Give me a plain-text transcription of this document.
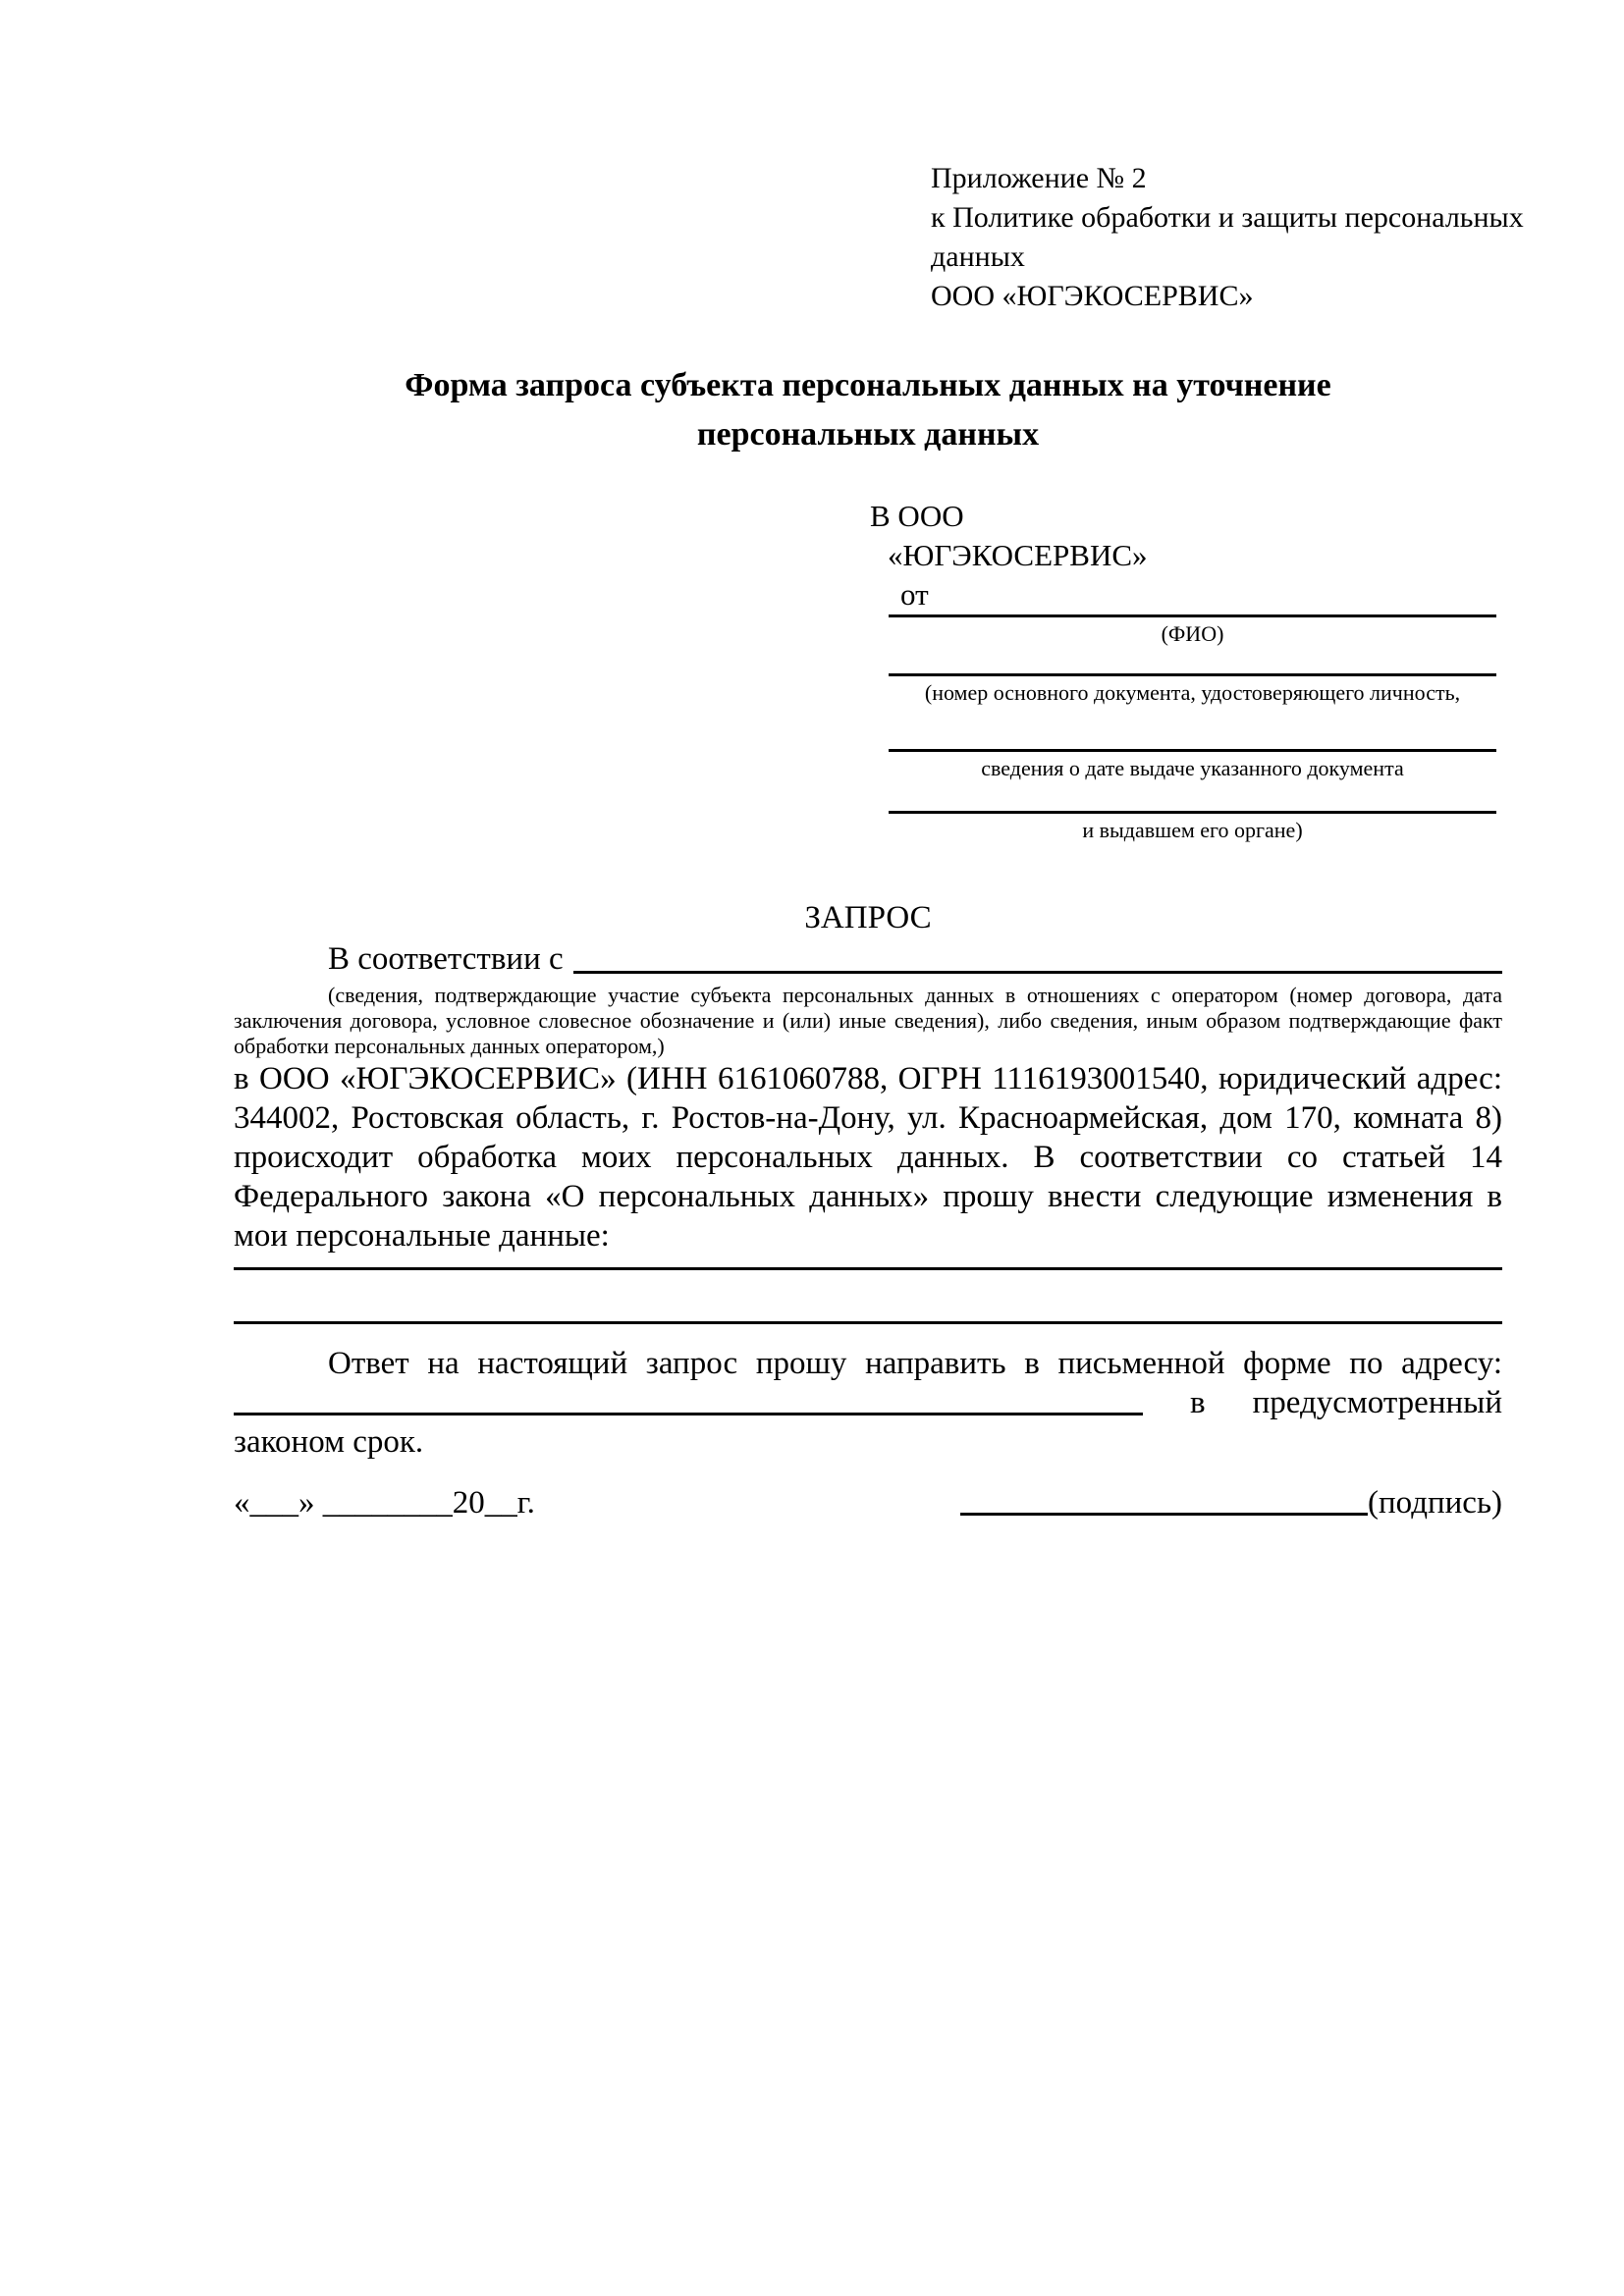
Приложение № 2
к Политике обработки и защиты персональных
данных
ООО «ЮГЭКОСЕРВИС»
Форма запроса субъекта персональных данных на уточнение
персональных данных
В ООО
«ЮГЭКОСЕРВИС»
от
(ФИО)
(номер основного документа, удостоверяющего личность,
сведения о дате выдаче указанного документа
и выдавшем его органе)
ЗАПРОС
В соответствии с
(сведения, подтверждающие участие субъекта персональных данных в отношениях с оператором (номер договора, дата заключения договора, условное словесное обозначение и (или) иные сведения), либо сведения, иным образом подтверждающие факт обработки персональных данных оператором,)
в ООО «ЮГЭКОСЕРВИС» (ИНН 6161060788, ОГРН 1116193001540, юридический адрес: 344002, Ростовская область, г. Ростов-на-Дону, ул. Красноармейская, дом 170, комната 8) происходит обработка моих персональных данных. В соответствии со статьей 14 Федерального закона «О персональных данных» прошу внести следующие изменения в мои персональные данные:
Ответ на настоящий запрос прошу направить в письменной форме по адресу:
в предусмотренный
законом срок.
«___» ________20__г.	(подпись)
